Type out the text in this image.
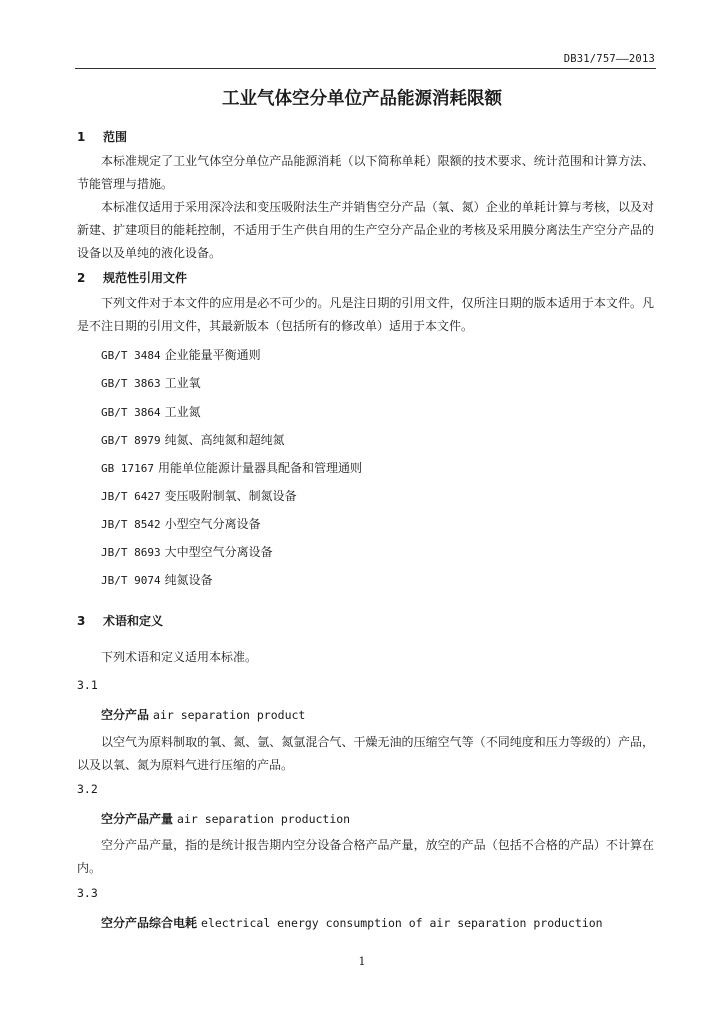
DB31/757——2013
工业气体空分单位产品能源消耗限额
1 范围
本标准规定了工业气体空分单位产品能源消耗（以下简称单耗）限额的技术要求、统计范围和计算方法、节能管理与措施。
本标准仅适用于采用深冷法和变压吸附法生产并销售空分产品（氧、氮）企业的单耗计算与考核，以及对新建、扩建项目的能耗控制，不适用于生产供自用的生产空分产品企业的考核及采用膜分离法生产空分产品的设备以及单纯的液化设备。
2 规范性引用文件
下列文件对于本文件的应用是必不可少的。凡是注日期的引用文件，仅所注日期的版本适用于本文件。凡是不注日期的引用文件，其最新版本（包括所有的修改单）适用于本文件。
GB/T 3484 企业能量平衡通则
GB/T 3863 工业氧
GB/T 3864 工业氮
GB/T 8979 纯氮、高纯氮和超纯氮
GB 17167 用能单位能源计量器具配备和管理通则
JB/T 6427 变压吸附制氧、制氮设备
JB/T 8542 小型空气分离设备
JB/T 8693 大中型空气分离设备
JB/T 9074 纯氮设备
3 术语和定义
下列术语和定义适用本标准。
3.1
空分产品 air separation product
以空气为原料制取的氧、氮、氩、氮氩混合气、干燥无油的压缩空气等（不同纯度和压力等级的）产品，以及以氧、氮为原料气进行压缩的产品。
3.2
空分产品产量 air separation production
空分产品产量，指的是统计报告期内空分设备合格产品产量，放空的产品（包括不合格的产品）不计算在内。
3.3
空分产品综合电耗 electrical energy consumption of air separation production
1
